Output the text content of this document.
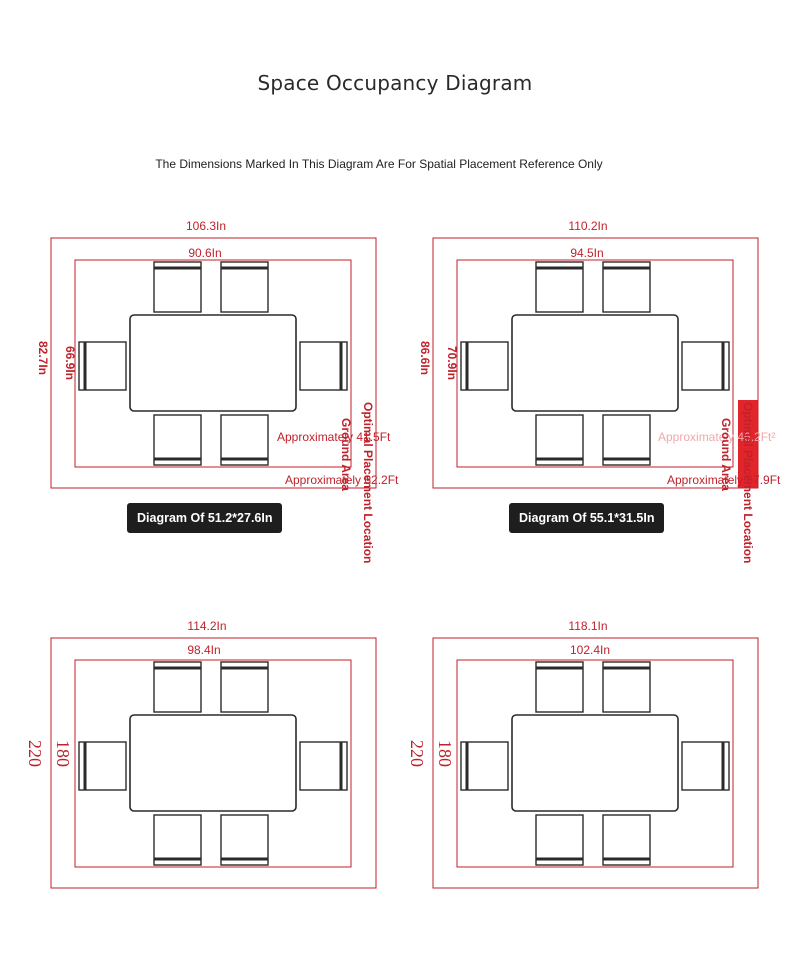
Space Occupancy Diagram
The Dimensions Marked In This Diagram Are For Spatial Placement Reference Only
106.3In
90.6In
82.7In 66.9In
Approximately 41.5Ft
Approximately 62.2Ft
Ground Area Optimal Placement Location
Diagram Of 51.2*27.6In
110.2In
94.5In
86.6In 70.9In
Approximately 46.2Ft²
Approximately 67.9Ft
Ground Area Optimal Placement Location
Diagram Of 55.1*31.5In
114.2In
98.4In
220 180
118.1In
102.4In
220 180
